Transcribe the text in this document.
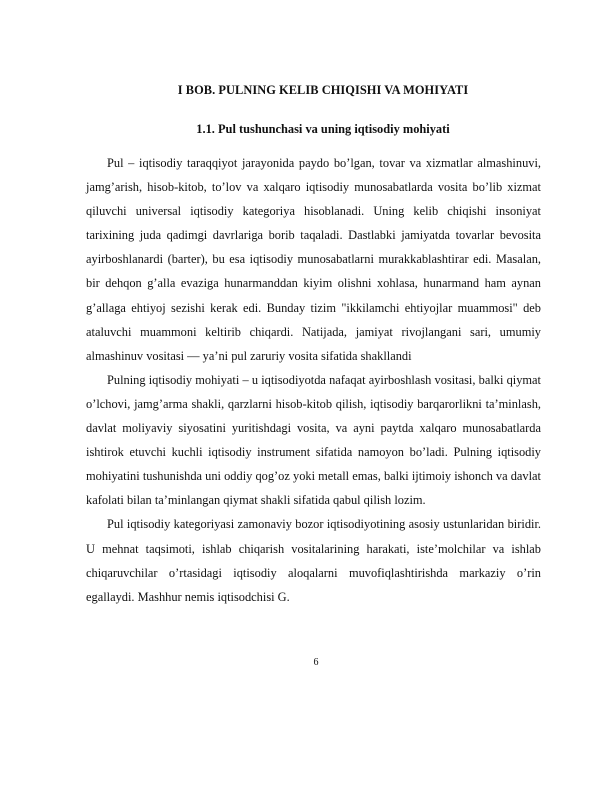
I BOB. PULNING KELIB CHIQISHI VA MOHIYATI
1.1. Pul tushunchasi va uning iqtisodiy mohiyati

Pul – iqtisodiy taraqqiyot jarayonida paydo bo’lgan, tovar va xizmatlar almashinuvi, jamg’arish, hisob-kitob, to’lov va xalqaro iqtisodiy munosabatlarda vosita bo’lib xizmat qiluvchi universal iqtisodiy kategoriya hisoblanadi. Uning kelib chiqishi insoniyat tarixining juda qadimgi davrlariga borib taqaladi. Dastlabki jamiyatda tovarlar bevosita ayirboshlanardi (barter), bu esa iqtisodiy munosabatlarni murakkablashtirar edi. Masalan, bir dehqon g’alla evaziga hunarmanddan kiyim olishni xohlasa, hunarmand ham aynan g’allaga ehtiyoj sezishi kerak edi. Bunday tizim "ikkilamchi ehtiyojlar muammosi" deb ataluvchi muammoni keltirib chiqardi. Natijada, jamiyat rivojlangani sari, umumiy almashinuv vositasi — ya’ni pul zaruriy vosita sifatida shakllandi

Pulning iqtisodiy mohiyati – u iqtisodiyotda nafaqat ayirboshlash vositasi, balki qiymat o’lchovi, jamg’arma shakli, qarzlarni hisob-kitob qilish, iqtisodiy barqarorlikni ta’minlash, davlat moliyaviy siyosatini yuritishdagi vosita, va ayni paytda xalqaro munosabatlarda ishtirok etuvchi kuchli iqtisodiy instrument sifatida namoyon bo’ladi. Pulning iqtisodiy mohiyatini tushunishda uni oddiy qog’oz yoki metall emas, balki ijtimoiy ishonch va davlat kafolati bilan ta’minlangan qiymat shakli sifatida qabul qilish lozim.

Pul iqtisodiy kategoriyasi zamonaviy bozor iqtisodiyotining asosiy ustunlaridan biridir. U mehnat taqsimoti, ishlab chiqarish vositalarining harakati, iste’molchilar va ishlab chiqaruvchilar o’rtasidagi iqtisodiy aloqalarni muvofiqlashtirishda markaziy o’rin egallaydi. Mashhur nemis iqtisodchisi G.

6
